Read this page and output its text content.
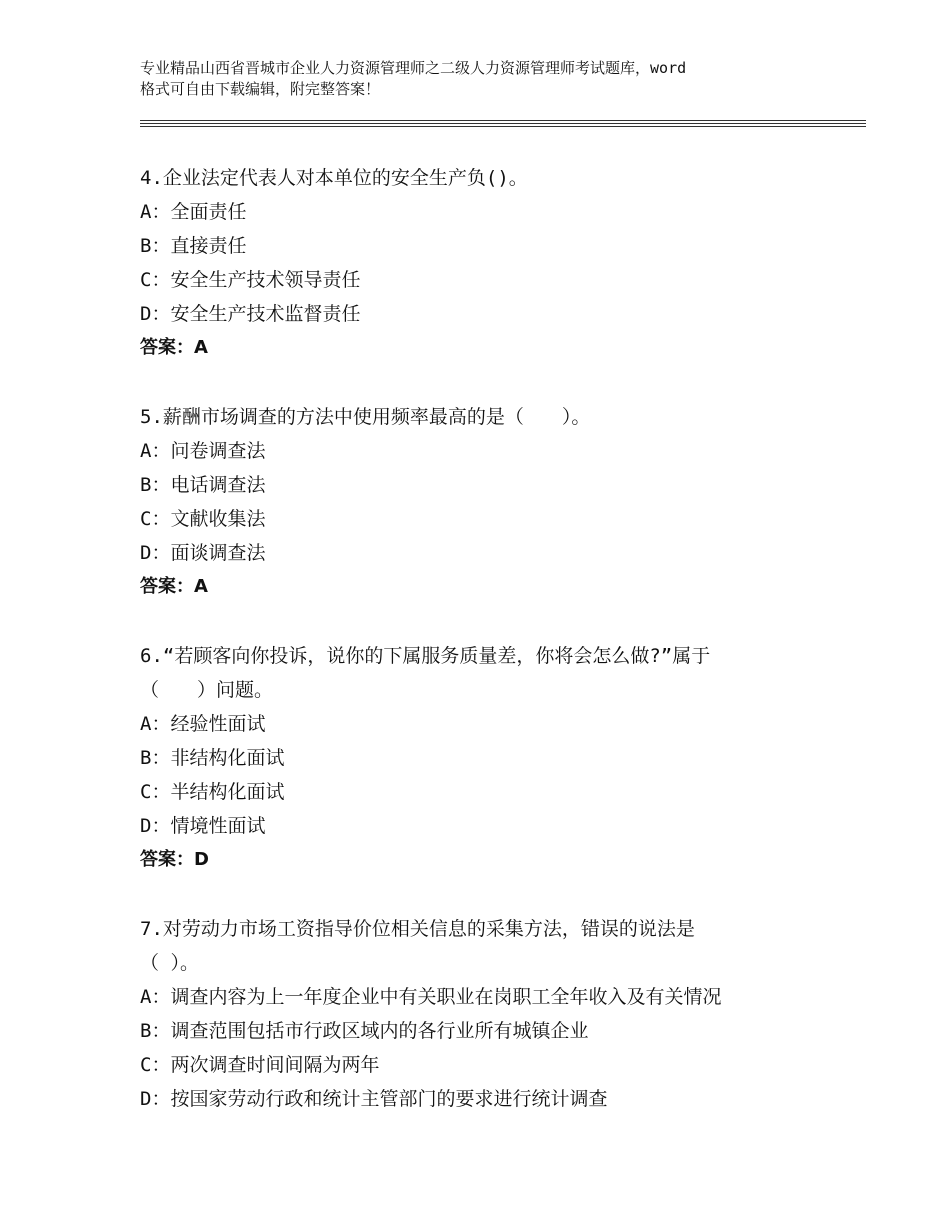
专业精品山西省晋城市企业人力资源管理师之二级人力资源管理师考试题库，word
格式可自由下载编辑，附完整答案！

4.企业法定代表人对本单位的安全生产负()。

A：全面责任

B：直接责任

C：安全生产技术领导责任

D：安全生产技术监督责任

答案：A

5.薪酬市场调查的方法中使用频率最高的是（　　）。

A：问卷调查法

B：电话调查法

C：文献收集法

D：面谈调查法

答案：A

6.“若顾客向你投诉，说你的下属服务质量差，你将会怎么做?”属于

（　　）问题。

A：经验性面试

B：非结构化面试

C：半结构化面试

D：情境性面试

答案：D

7.对劳动力市场工资指导价位相关信息的采集方法，错误的说法是

（ ）。

A：调查内容为上一年度企业中有关职业在岗职工全年收入及有关情况

B：调查范围包括市行政区域内的各行业所有城镇企业

C：两次调查时间间隔为两年

D：按国家劳动行政和统计主管部门的要求进行统计调查
